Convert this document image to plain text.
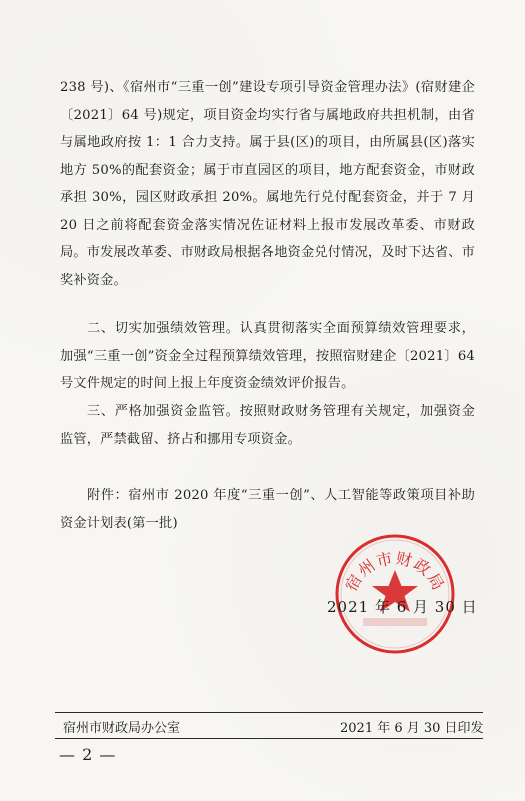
238 号)、《宿州市“三重一创”建设专项引导资金管理办法》(宿财建企〔2021〕64 号)规定，项目资金均实行省与属地政府共担机制，由省与属地政府按 1：1 合力支持。属于县(区)的项目，由所属县(区)落实地方 50%的配套资金；属于市直园区的项目，地方配套资金，市财政承担 30%，园区财政承担 20%。属地先行兑付配套资金，并于 7 月 20 日之前将配套资金落实情况佐证材料上报市发展改革委、市财政局。市发展改革委、市财政局根据各地资金兑付情况，及时下达省、市奖补资金。

二、切实加强绩效管理。认真贯彻落实全面预算绩效管理要求，加强“三重一创”资金全过程预算绩效管理，按照宿财建企〔2021〕64 号文件规定的时间上报上年度资金绩效评价报告。

三、严格加强资金监管。按照财政财务管理有关规定，加强资金监管，严禁截留、挤占和挪用专项资金。

附件：宿州市 2020 年度“三重一创”、人工智能等政策项目补助资金计划表(第一批)

宿州市财政局
2021 年 6 月 30 日
宿州市财政局办公室	2021 年 6 月 30 日印发
— 2 —
